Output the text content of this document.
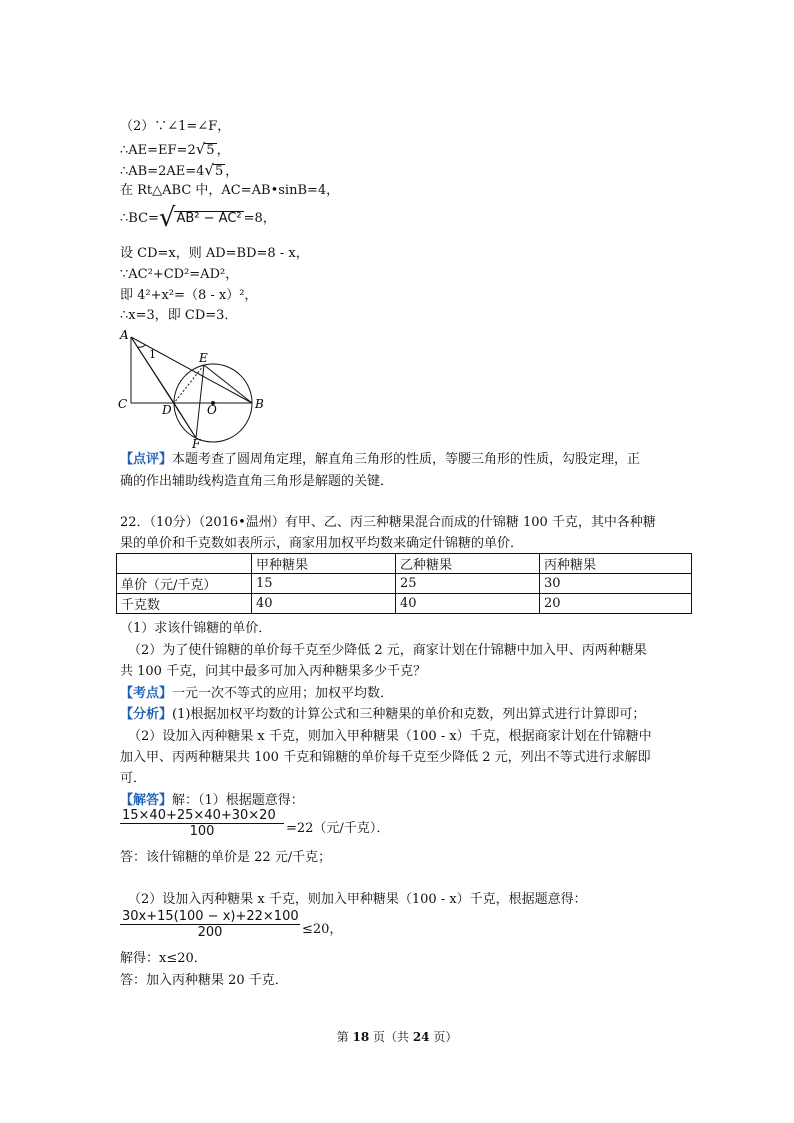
（2）∵∠1=∠F，
∴AE=EF=2√5 ，
∴AB=2AE=4√5 ，
在 Rt△ABC 中，AC=AB•sinB=4，
∴BC=√AB² − AC² =8，
设 CD=x，则 AD=BD=8 - x，
∵AC²+CD²=AD²，
即 4²+x²=（8 - x）²，
∴x=3，即 CD=3．
A
1	E
C	D	O	B
F
【点评】本题考查了圆周角定理，解直角三角形的性质，等腰三角形的性质，勾股定理，正
确的作出辅助线构造直角三角形是解题的关键．
22．（10分）（2016•温州）有甲、乙、丙三种糖果混合而成的什锦糖 100 千克，其中各种糖
果的单价和千克数如表所示，商家用加权平均数来确定什锦糖的单价．
	甲种糖果	乙种糖果	丙种糖果
单价（元/千克）	15	25	30
千克数	40	40	20
（1）求该什锦糖的单价．
（2）为了使什锦糖的单价每千克至少降低 2 元，商家计划在什锦糖中加入甲、丙两种糖果
共 100 千克，问其中最多可加入丙种糖果多少千克？
【考点】一元一次不等式的应用；加权平均数．
【分析】(1)根据加权平均数的计算公式和三种糖果的单价和克数，列出算式进行计算即可；
（2）设加入丙种糖果 x 千克，则加入甲种糖果（100 - x）千克，根据商家计划在什锦糖中
加入甲、丙两种糖果共 100 千克和锦糖的单价每千克至少降低 2 元，列出不等式进行求解即
可．
【解答】解：（1）根据题意得：
15×40+25×40+30×20
100	=22（元/千克）．
答：该什锦糖的单价是 22 元/千克；
（2）设加入丙种糖果 x 千克，则加入甲种糖果（100 - x）千克，根据题意得：
30x+15(100 − x)+22×100
200	≤20，
解得：x≤20．
答：加入丙种糖果 20 千克．
第 18 页（共 24 页）
